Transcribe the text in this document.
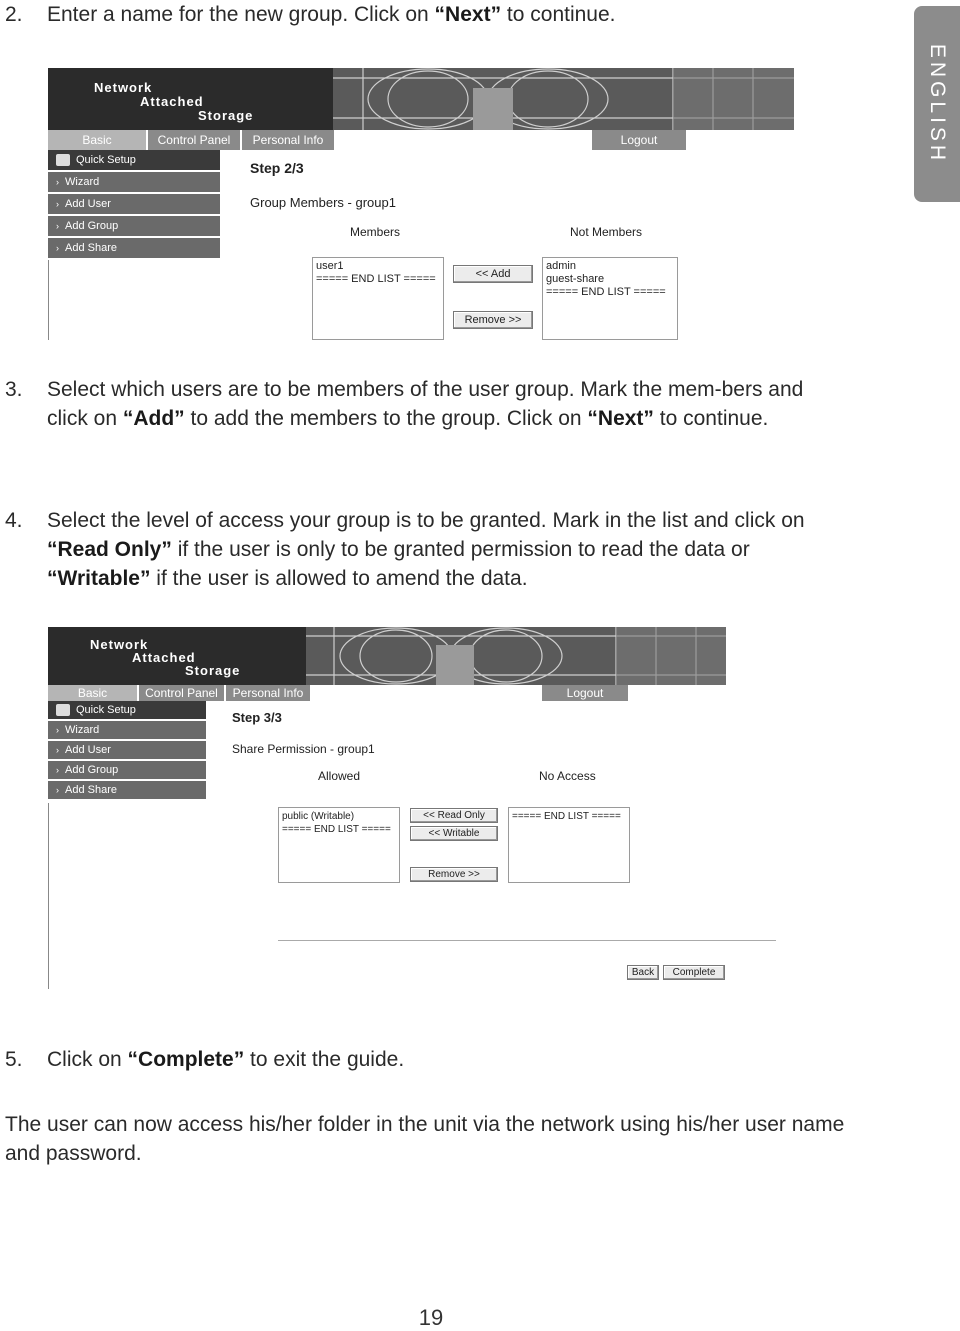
ENGLISH
2. Enter a name for the new group. Click on “Next” to continue.
Network
Attached
Storage
Basic	Control Panel	Personal Info	Logout
Quick Setup
› Wizard
› Add User
› Add Group
› Add Share
Step 2/3
Group Members - group1
Members	Not Members
user1
===== END LIST =====	<< Add
Remove >>
admin
guest-share
===== END LIST =====
3. Select which users are to be members of the user group. Mark the mem-bers and click on “Add” to add the members to the group. Click on “Next” to continue.
4. Select the level of access your group is to be granted. Mark in the list and click on “Read Only” if the user is only to be granted permission to read the data or “Writable” if the user is allowed to amend the data.
Network
Attached
Storage
Basic	Control Panel	Personal Info	Logout
Quick Setup
› Wizard
› Add User
› Add Group
› Add Share
Step 3/3
Share Permission - group1
Allowed	No Access
public (Writable)
===== END LIST =====
<< Read Only
<< Writable
Remove >>
===== END LIST =====
Back	Complete
5. Click on “Complete” to exit the guide.

The user can now access his/her folder in the unit via the network using his/her user name and password.

19
